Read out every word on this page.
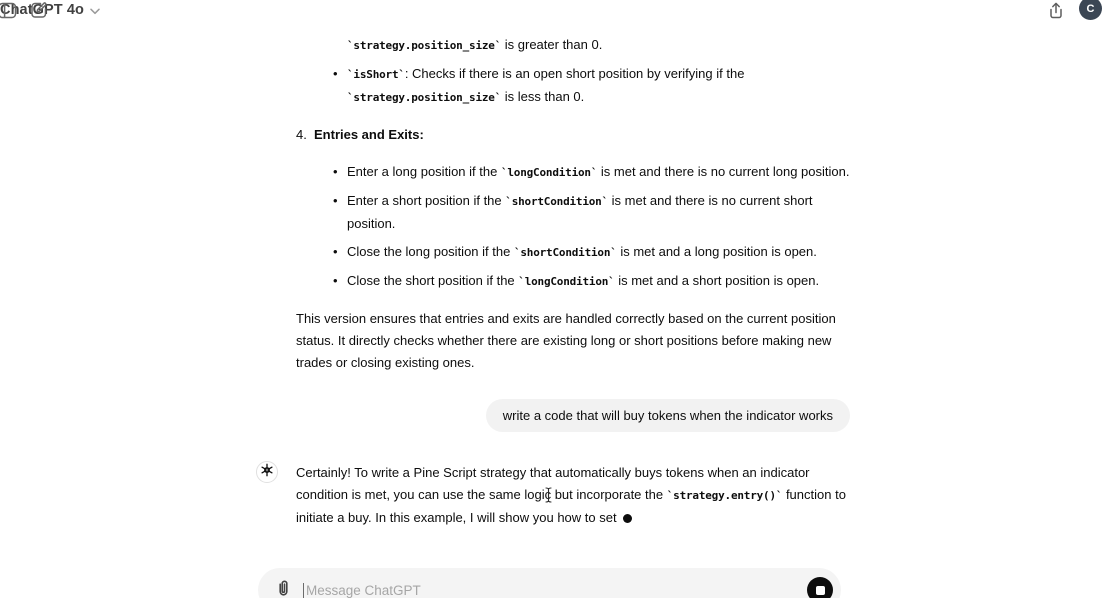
ChatGPT 4o	C
`strategy.position_size` is greater than 0.
• `isShort`: Checks if there is an open short position by verifying if the
`strategy.position_size` is less than 0.
4. Entries and Exits:
• Enter a long position if the `longCondition` is met and there is no current long position.
• Enter a short position if the `shortCondition` is met and there is no current short
position.
• Close the long position if the `shortCondition` is met and a long position is open.
• Close the short position if the `longCondition` is met and a short position is open.

This version ensures that entries and exits are handled correctly based on the current position
status. It directly checks whether there are existing long or short positions before making new
trades or closing existing ones.

write a code that will buy tokens when the indicator works
Certainly! To write a Pine Script strategy that automatically buys tokens when an indicator
condition is met, you can use the same logic but incorporate the `strategy.entry()` function to
initiate a buy. In this example, I will show you how to set
Message ChatGPT
